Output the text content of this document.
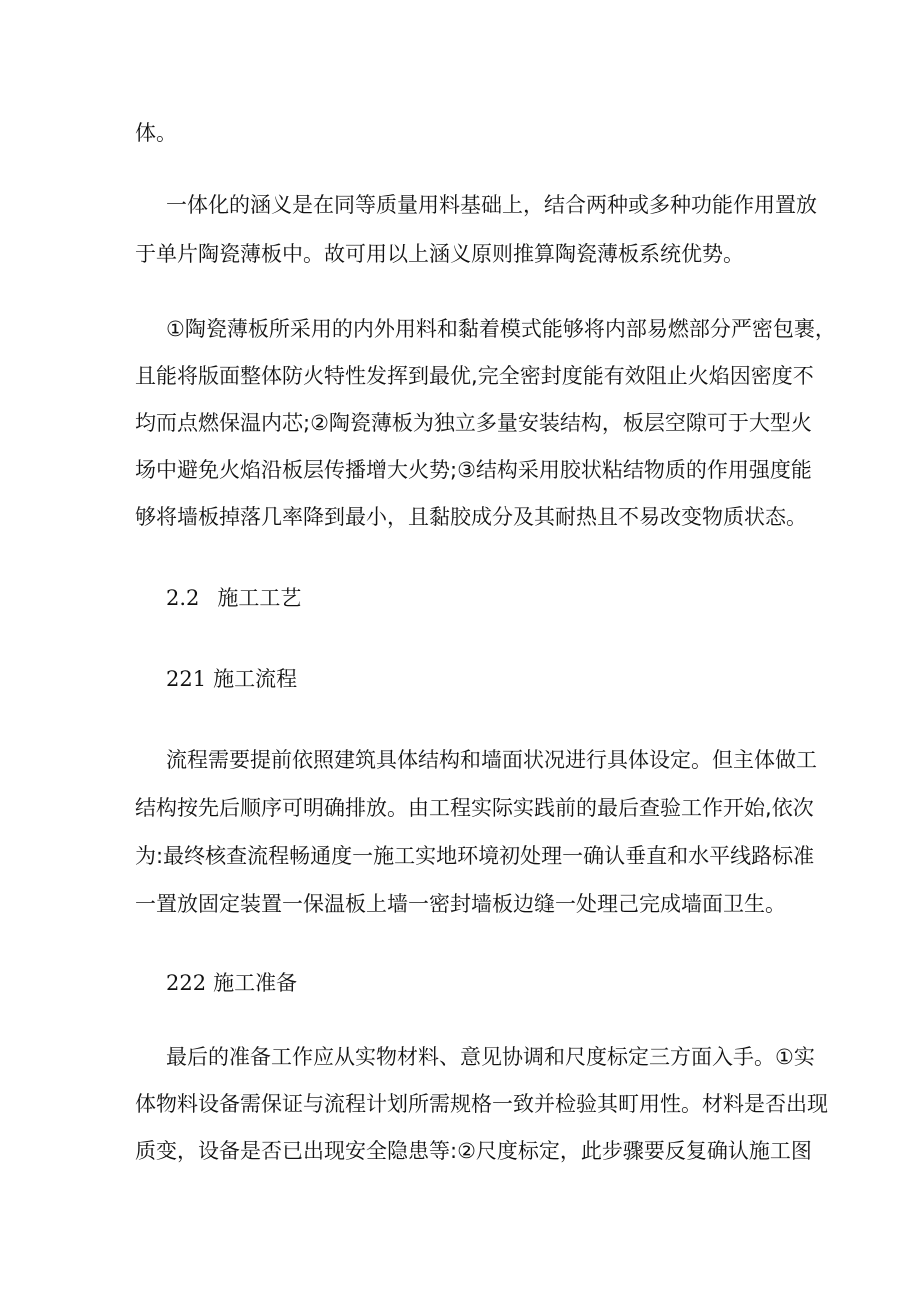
体。

一 体 化 的 涵 义 是 在 同 等 质 量 用 料 基 础 上 ， 结 合 两 种 或 多 种 功 能 作 用 置 放

于单片陶瓷薄板中。故可用以上涵义原则推算陶瓷薄板系统优势。

① 陶 瓷 薄 板 所 采 用 的 内 外 用 料 和 黏 着 模 式 能 够 将 内 部 易 燃 部 分 严 密 包 裹 ，

且 能 将 版 面 整 体 防 火 特 性 发 挥 到 最 优 , 完 全 密 封 度 能 有 效 阻 止 火 焰 因 密 度 不

均 而 点 燃 保 温 内 芯 ; ② 陶 瓷 薄 板 为 独 立 多 量 安 装 结 构 ， 板 层 空 隙 可 于 大 型 火

场 中 避 免 火 焰 沿 板 层 传 播 增 大 火 势 ; ③ 结 构 采 用 胶 状 粘 结 物 质 的 作 用 强 度 能

够将墙板掉落几率降到最小，且黏胶成分及其耐热且不易改变物质状态。

2.2 施工工艺

221 施工流程

流 程 需 要 提 前 依 照 建 筑 具 体 结 构 和 墙 面 状 况 进 行 具 体 设 定 。 但 主 体 做 工

结 构 按 先 后 顺 序 可 明 确 排 放 。 由 工 程 实 际 实 践 前 的 最 后 查 验 工 作 开 始 , 依 次

为 : 最 终 核 查 流 程 畅 通 度 一 施 工 实 地 环 境 初 处 理 一 确 认 垂 直 和 水 平 线 路 标 准

一置放固定装置一保温板上墙一密封墙板边缝一处理己完成墙面卫生。

222 施工准备

最 后 的 准 备 工 作 应 从 实 物 材 料 、 意 见 协 调 和 尺 度 标 定 三 方 面 入 手 。 ① 实

体 物 料 设 备 需 保 证 与 流 程 计 划 所 需 规 格 一 致 并 检 验 其 町 用 性 。 材 料 是 否 出 现

质 变 ， 设 备 是 否 已 出 现 安 全 隐 患 等 : ② 尺 度 标 定 ， 此 步 骤 要 反 复 确 认 施 工 图
